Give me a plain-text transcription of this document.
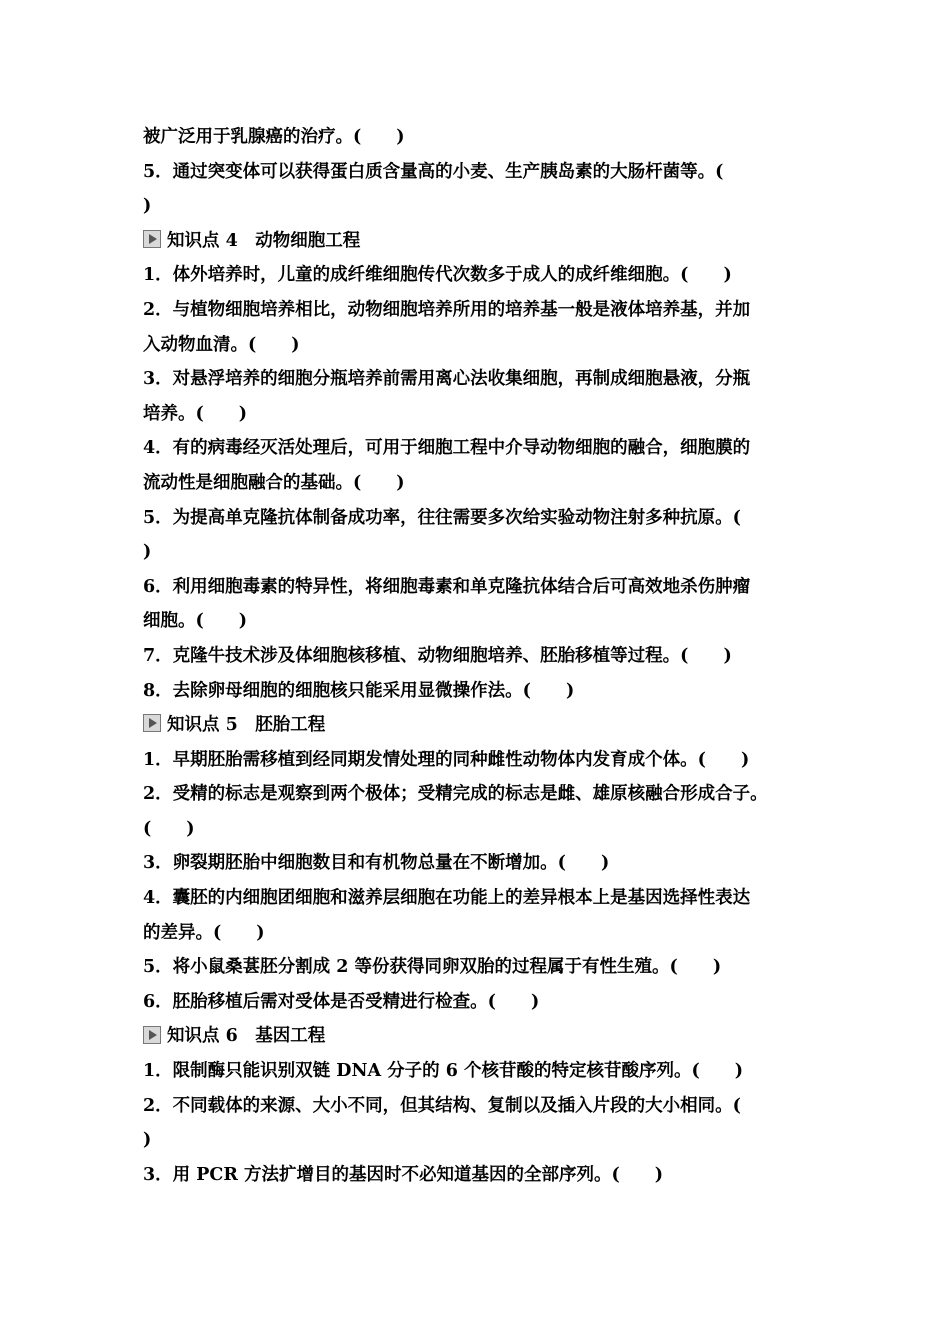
被广泛用于乳腺癌的治疗。(　　)
5．通过突变体可以获得蛋白质含量高的小麦、生产胰岛素的大肠杆菌等。(
)
知识点 4　动物细胞工程
1．体外培养时，儿童的成纤维细胞传代次数多于成人的成纤维细胞。(　　)
2．与植物细胞培养相比，动物细胞培养所用的培养基一般是液体培养基，并加
入动物血清。(　　)
3．对悬浮培养的细胞分瓶培养前需用离心法收集细胞，再制成细胞悬液，分瓶
培养。(　　)
4．有的病毒经灭活处理后，可用于细胞工程中介导动物细胞的融合，细胞膜的
流动性是细胞融合的基础。(　　)
5．为提高单克隆抗体制备成功率，往往需要多次给实验动物注射多种抗原。(
)
6．利用细胞毒素的特异性，将细胞毒素和单克隆抗体结合后可高效地杀伤肿瘤
细胞。(　　)
7．克隆牛技术涉及体细胞核移植、动物细胞培养、胚胎移植等过程。(　　)
8．去除卵母细胞的细胞核只能采用显微操作法。(　　)
知识点 5　胚胎工程
1．早期胚胎需移植到经同期发情处理的同种雌性动物体内发育成个体。(　　)
2．受精的标志是观察到两个极体；受精完成的标志是雌、雄原核融合形成合子。
(　　)
3．卵裂期胚胎中细胞数目和有机物总量在不断增加。(　　)
4．囊胚的内细胞团细胞和滋养层细胞在功能上的差异根本上是基因选择性表达
的差异。(　　)
5．将小鼠桑葚胚分割成 2 等份获得同卵双胎的过程属于有性生殖。(　　)
6．胚胎移植后需对受体是否受精进行检查。(　　)
知识点 6　基因工程
1．限制酶只能识别双链 DNA 分子的 6 个核苷酸的特定核苷酸序列。(　　)
2．不同载体的来源、大小不同，但其结构、复制以及插入片段的大小相同。(
)
3．用 PCR 方法扩增目的基因时不必知道基因的全部序列。(　　)
